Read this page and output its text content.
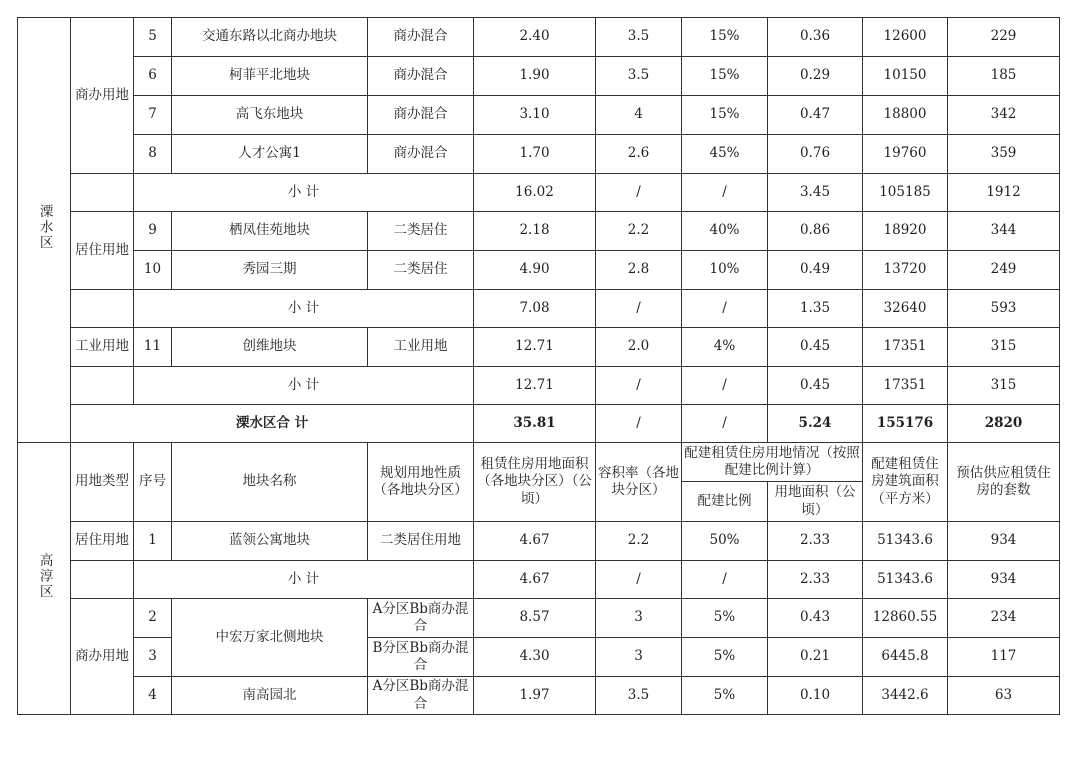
溧水区	商办用地	5	交通东路以北商办地块	商办混合	2.40	3.5	15%	0.36	12600	229
		6	柯菲平北地块	商办混合	1.90	3.5	15%	0.29	10150	185
		7	高飞东地块	商办混合	3.10	4	15%	0.47	18800	342
		8	人才公寓1	商办混合	1.70	2.6	45%	0.76	19760	359
		小 计			16.02	/	/	3.45	105185	1912
	居住用地	9	栖凤佳苑地块	二类居住	2.18	2.2	40%	0.86	18920	344
		10	秀园三期	二类居住	4.90	2.8	10%	0.49	13720	249
		小 计			7.08	/	/	1.35	32640	593
	工业用地	11	创维地块	工业用地	12.71	2.0	4%	0.45	17351	315
		小 计			12.71	/	/	0.45	17351	315
	溧水区合 计				35.81	/	/	5.24	155176	2820
高淳区	用地类型	序号	地块名称	规划用地性质（各地块分区）	租赁住房用地面积（各地块分区）（公顷）	容积率（各地块分区）	配建租赁住房用地情况（按照配建比例计算）		配建租赁住房建筑面积（平方米）	预估供应租赁住房的套数
							配建比例	用地面积（公顷）		
	居住用地	1	蓝领公寓地块	二类居住用地	4.67	2.2	50%	2.33	51343.6	934
		小 计			4.67	/	/	2.33	51343.6	934
	商办用地	2	中宏万家北侧地块	A分区Bb商办混合	8.57	3	5%	0.43	12860.55	234
		3		B分区Bb商办混合	4.30	3	5%	0.21	6445.8	117
		4	南高园北	A分区Bb商办混合	1.97	3.5	5%	0.10	3442.6	63
